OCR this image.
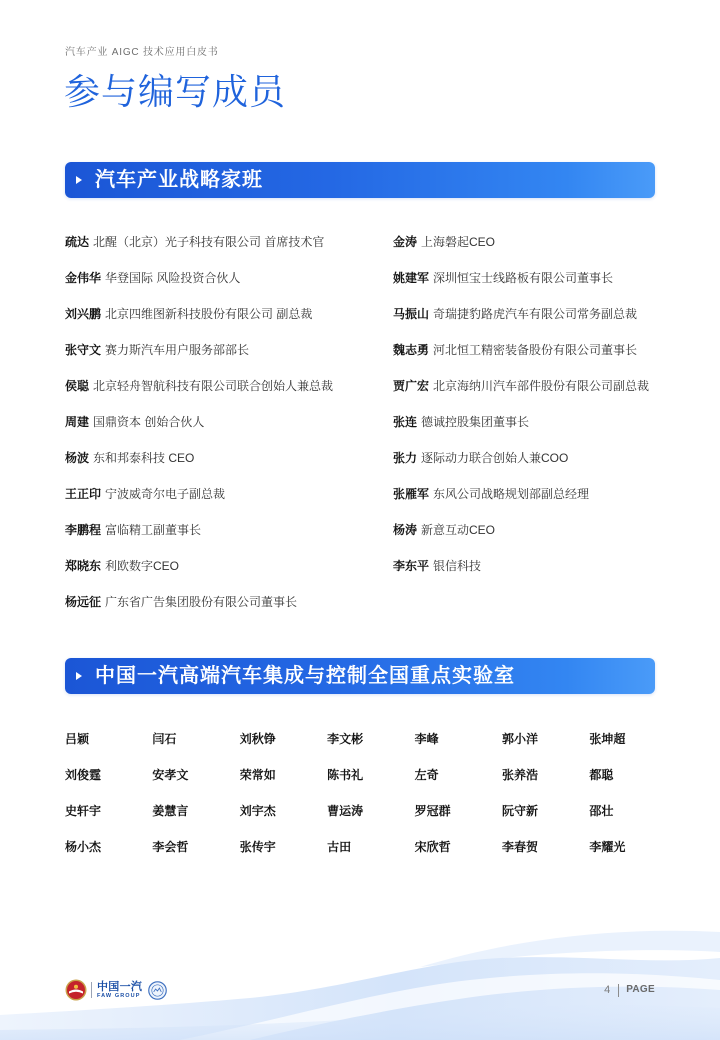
汽车产业 AIGC 技术应用白皮书
参与编写成员
汽车产业战略家班
疏达 北醒（北京）光子科技有限公司 首席技术官
金伟华 华登国际 风险投资合伙人
刘兴鹏 北京四维图新科技股份有限公司 副总裁
张守文 赛力斯汽车用户服务部部长
侯聪 北京轻舟智航科技有限公司联合创始人兼总裁
周建 国鼎资本 创始合伙人
杨波 东和邦泰科技 CEO
王正印 宁波威奇尔电子副总裁
李鹏程 富临精工副董事长
郑晓东 利欧数字CEO
杨远征 广东省广告集团股份有限公司董事长
金涛 上海磐起CEO
姚建军 深圳恒宝士线路板有限公司董事长
马振山 奇瑞捷豹路虎汽车有限公司常务副总裁
魏志勇 河北恒工精密装备股份有限公司董事长
贾广宏 北京海纳川汽车部件股份有限公司副总裁
张连 德诚控股集团董事长
张力 逐际动力联合创始人兼COO
张雁军 东风公司战略规划部副总经理
杨涛 新意互动CEO
李东平 银信科技
中国一汽高端汽车集成与控制全国重点实验室
吕颖	闫石	刘秋铮	李文彬	李峰	郭小洋	张坤超
刘俊霆	安孝文	荣常如	陈书礼	左奇	张养浩	都聪
史轩宇	姜慧言	刘宇杰	曹运涛	罗冠群	阮守新	邵壮
杨小杰	李会哲	张传宇	古田	宋欣哲	李春贺	李耀光
中国一汽
FAW GROUP	4 PAGE
